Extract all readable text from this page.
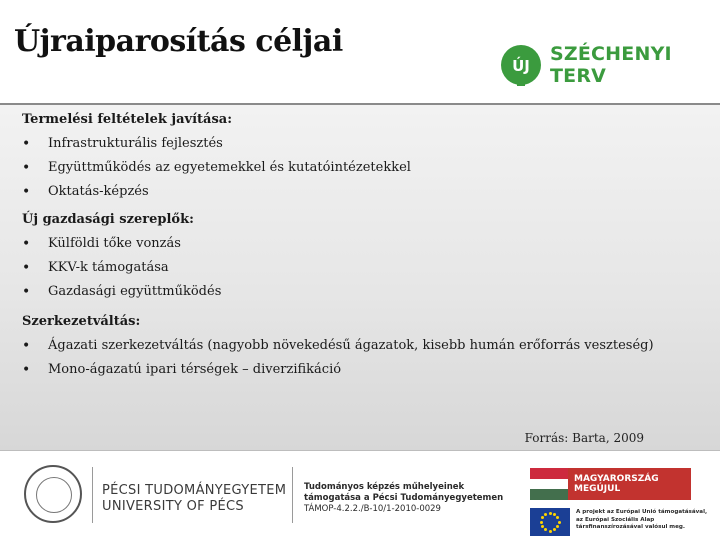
Újraiparosítás céljai
ÚJ
SZÉCHENYI TERV
Termelési feltételek javítása:
•	Infrastrukturális fejlesztés
•	Együttműködés az egyetemekkel és kutatóintézetekkel
•	Oktatás-képzés
Új gazdasági szereplők:
•	Külföldi tőke vonzás
•	KKV-k támogatása
•	Gazdasági együttműködés
Szerkezetváltás:
•	Ágazati szerkezetváltás (nagyobb növekedésű ágazatok, kisebb humán erőforrás veszteség)
•	Mono-ágazatú ipari térségek – diverzifikáció
Forrás: Barta, 2009
PÉCSI TUDOMÁNYEGYETEM
UNIVERSITY OF PÉCS
Tudományos képzés műhelyeinek
támogatása a Pécsi Tudományegyetemen
TÁMOP-4.2.2./B-10/1-2010-0029
MAGYARORSZÁG MEGÚJUL
A projekt az Európai Unió támogatásával,
az Európai Szociális Alap
társfinanszírozásával valósul meg.
